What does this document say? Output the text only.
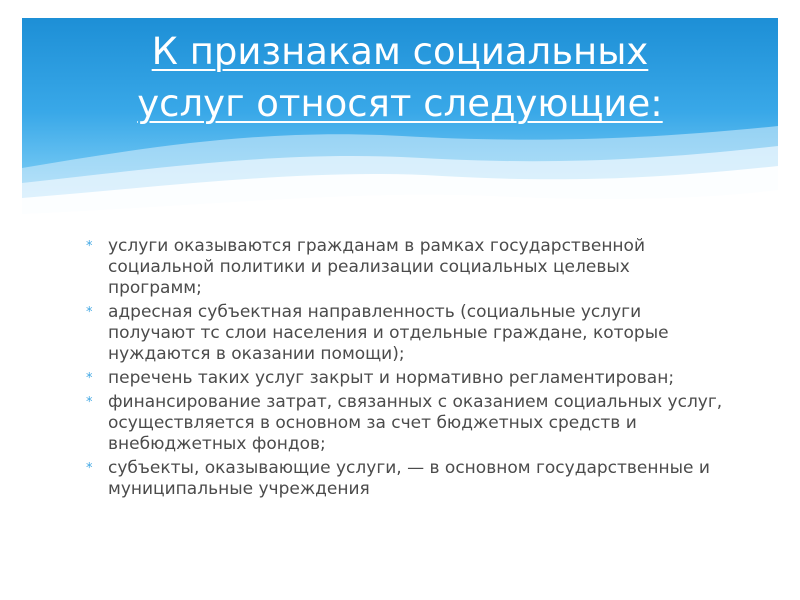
К признакам социальных
услуг относят следующие:
* услуги оказываются гражданам в рамках государственной социальной политики и реализации социальных целевых программ;
* адресная субъектная направленность (социальные услуги получают тс слои населения и отдельные граждане, которые нуждаются в оказании помощи);
* перечень таких услуг закрыт и нормативно регламентирован;
* финансирование затрат, связанных с оказанием социальных услуг, осуществляется в основном за счет бюджетных средств и внебюджетных фондов;
* субъекты, оказывающие услуги, — в основном государственные и муниципальные учреждения
